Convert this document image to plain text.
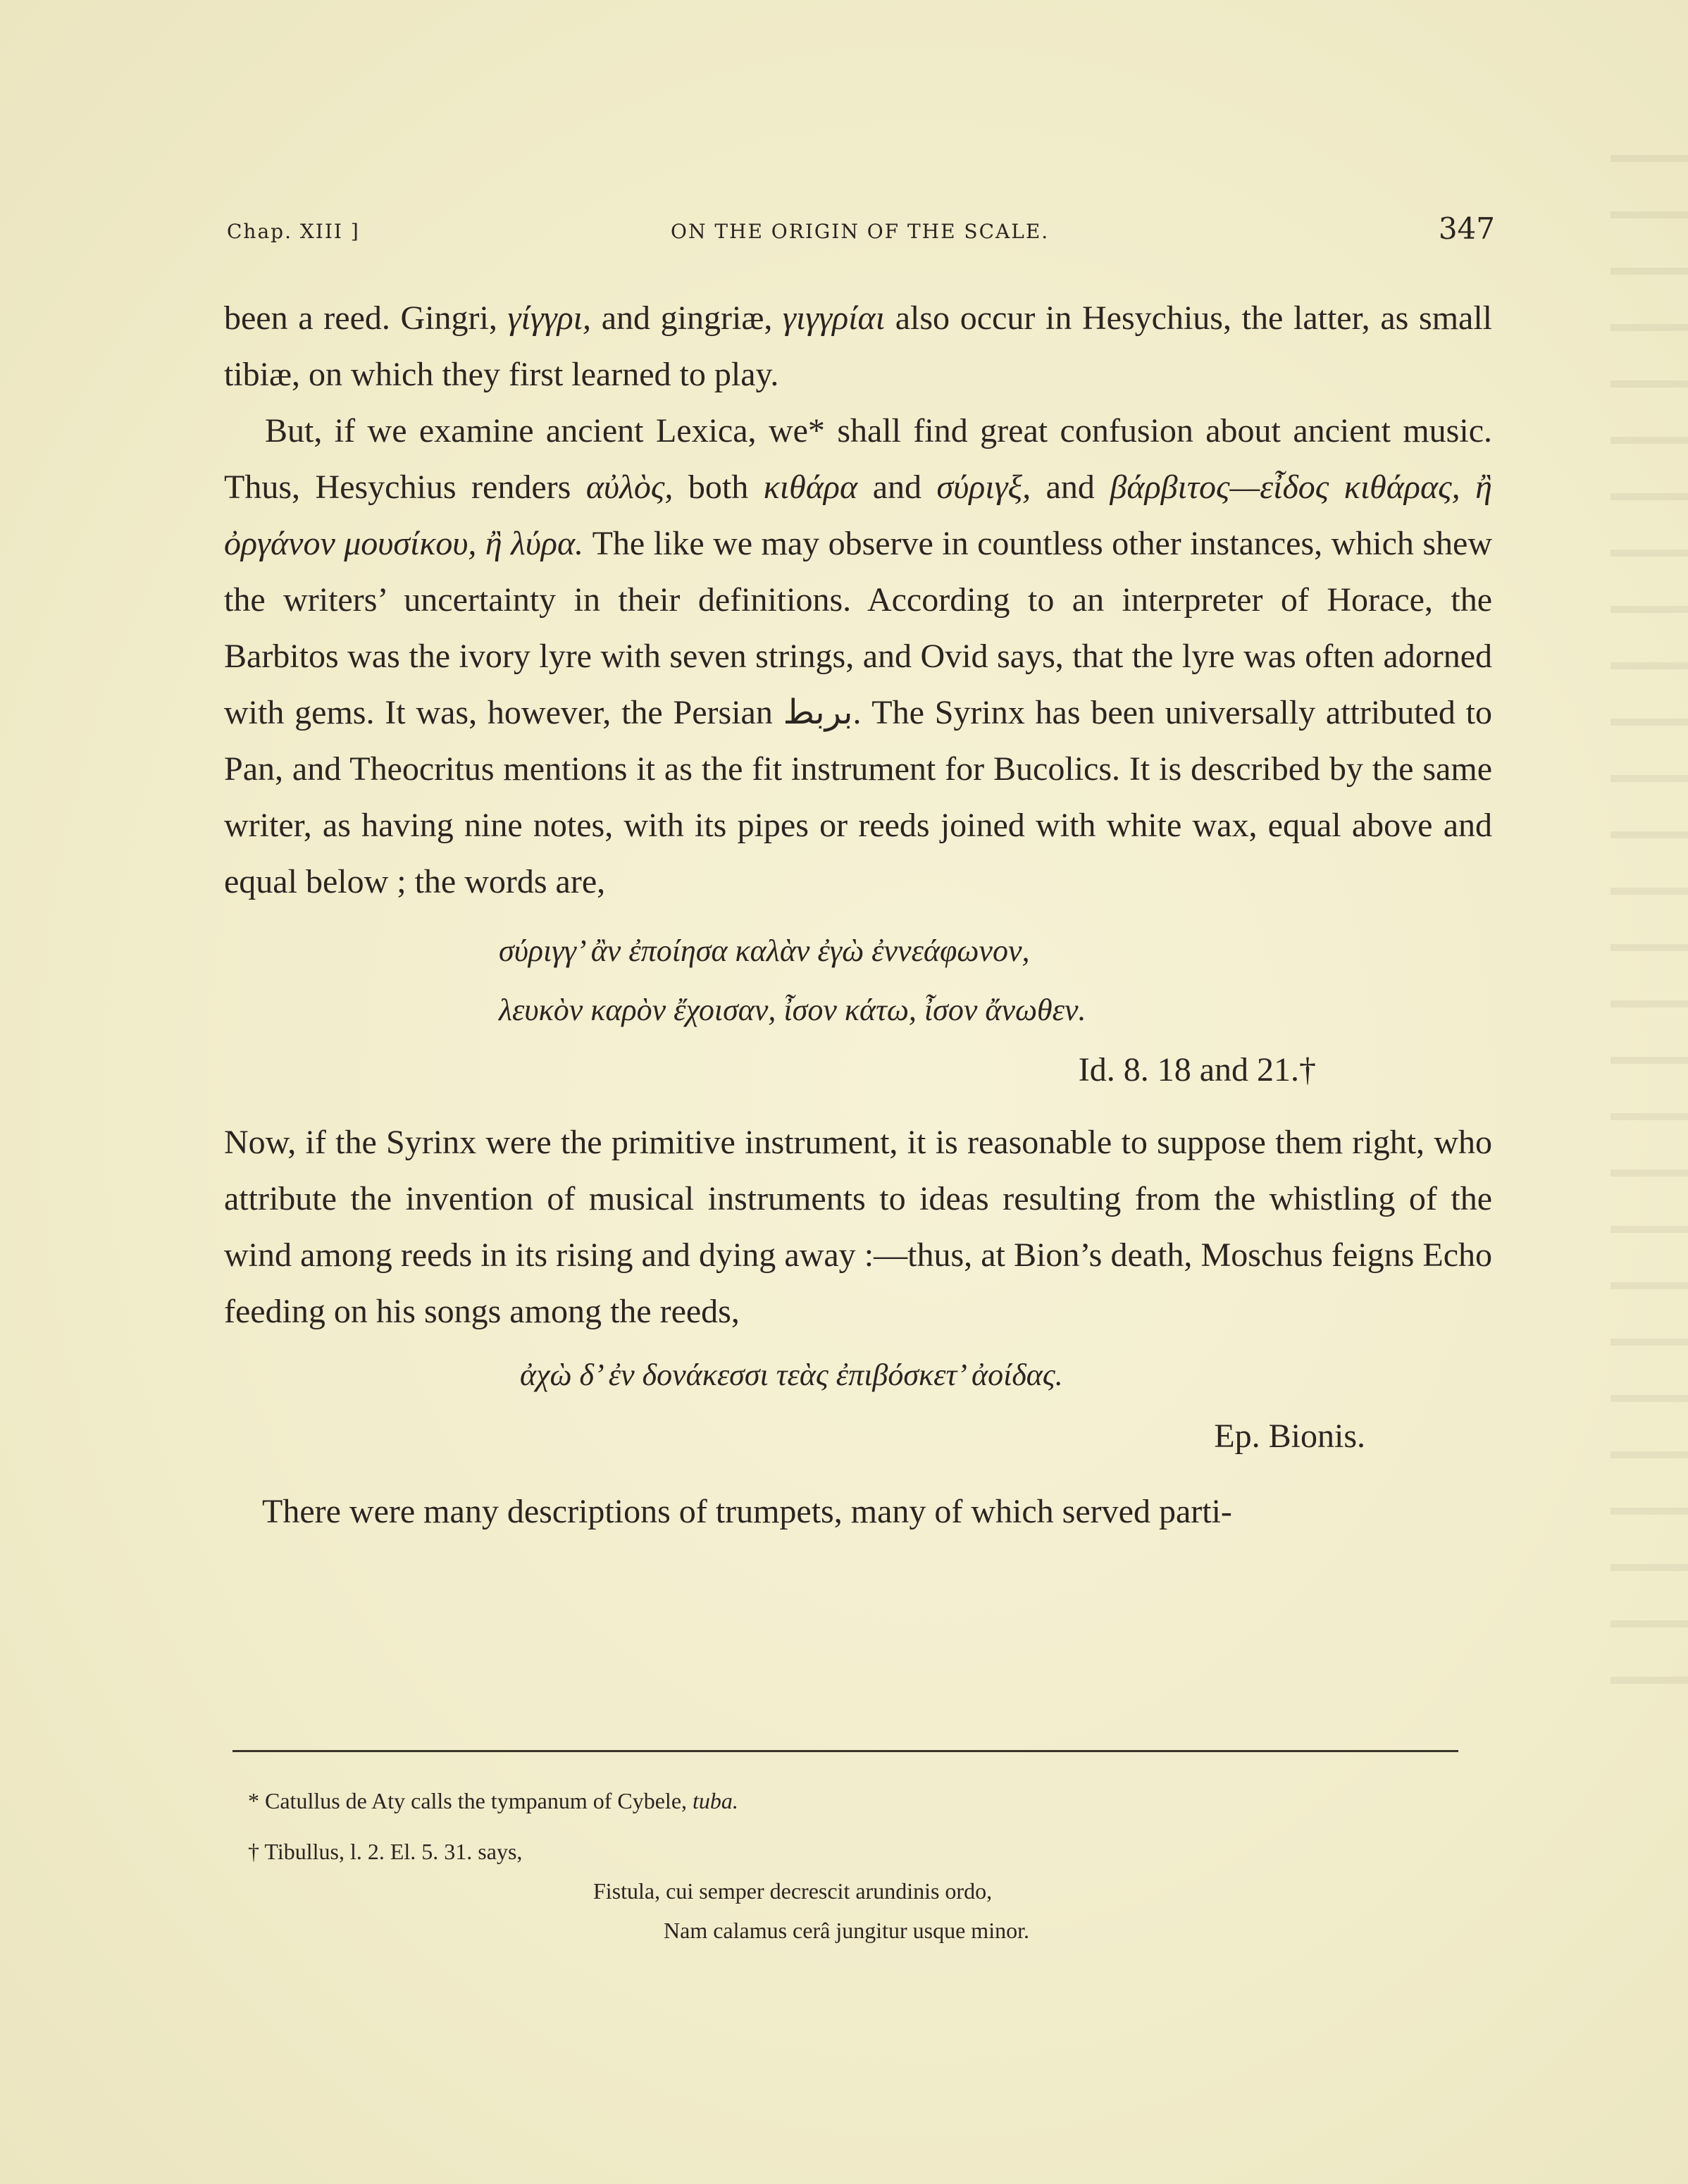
Chap. XIII ]	ON THE ORIGIN OF THE SCALE.	347

been a reed. Gingri, γίγγρι, and gingriæ, γιγγρίαι also occur in Hesychius, the latter, as small tibiæ, on which they first learned to play.

But, if we examine ancient Lexica, we* shall find great confusion about ancient music. Thus, Hesychius renders αὐλὸς, both κιθάρα and σύριγξ, and βάρβιτος—εἶδος κιθάρας, ἢ ὀργάνον μουσίκου, ἢ λύρα. The like we may observe in countless other instances, which shew the writers’ uncertainty in their definitions. According to an interpreter of Horace, the Barbitos was the ivory lyre with seven strings, and Ovid says, that the lyre was often adorned with gems. It was, however, the Persian بربط. The Syrinx has been universally attributed to Pan, and Theocritus mentions it as the fit instrument for Bucolics. It is described by the same writer, as having nine notes, with its pipes or reeds joined with white wax, equal above and equal below ; the words are,

σύριγγ’ ἂν ἐποίησα καλὰν ἐγὼ ἐννεάφωνον,

λευκὸν καρὸν ἔχοισαν, ἶσον κάτω, ἶσον ἄνωθεν.

Id. 8. 18 and 21.†

Now, if the Syrinx were the primitive instrument, it is reasonable to suppose them right, who attribute the invention of musical instruments to ideas resulting from the whistling of the wind among reeds in its rising and dying away :—thus, at Bion’s death, Moschus feigns Echo feeding on his songs among the reeds,

ἀχὼ δ’ ἐν δονάκεσσι τεὰς ἐπιβόσκετ’ ἀοίδας.

Ep. Bionis.

There were many descriptions of trumpets, many of which served parti-

* Catullus de Aty calls the tympanum of Cybele, tuba.

† Tibullus, l. 2. El. 5. 31. says,

Fistula, cui semper decrescit arundinis ordo,

Nam calamus cerâ jungitur usque minor.
